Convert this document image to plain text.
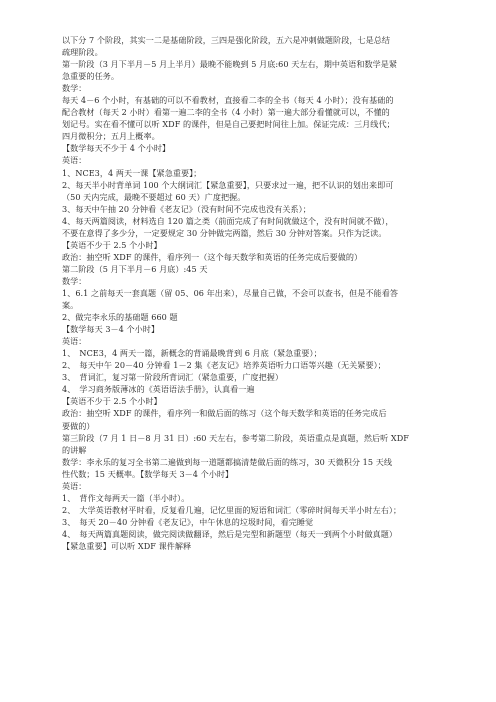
以下分 7 个阶段，其实一二是基础阶段，三四是强化阶段，五六是冲刺做题阶段，七是总结
疏理阶段。
第一阶段（3 月下半月－5 月上半月）最晚不能晚到 5 月底:60 天左右，期中英语和数学是紧
急重要的任务。
数学：
每天 4－6 个小时，有基础的可以不看教材，直接看二李的全书（每天 4 小时）；没有基础的
配合教材（每天 2 小时）看第一遍二李的全书（4 小时）第一遍大部分看懂就可以，不懂的
划记号。实在看不懂可以听 XDF 的课件，但是自己要把时间往上加。保证完成：三月线代；
四月微积分；五月上概率。
【数学每天不少于 4 个小时】
英语：
1、NCE3，4 两天一课【紧急重要】；
2、每天半小时背单词 100 个大纲词汇【紧急重要】，只要求过一遍，把不认识的划出来即可
（50 天内完成，最晚不要超过 60 天）广度把握。
3、每天中午抽 20 分钟看《老友记》（没有时间不完成也没有关系）；
4、每天两篇阅读，材料选自 120 篇之类（前面完成了有时间就做这个，没有时间就不做），
不要在意得了多少分，一定要规定 30 分钟做完两篇，然后 30 分钟对答案。只作为泛读。
【英语不少于 2.5 个小时】
政治：抽空听 XDF 的课件，看序列一（这个每天数学和英语的任务完成后要做的）
第二阶段（5 月下半月－6 月底）:45 天
数学：
1、6.1 之前每天一套真题（留 05、06 年出来），尽量自己做，不会可以查书，但是不能看答
案。
2、做完李永乐的基础题 660 题
【数学每天 3－4 个小时】
英语：
1、　NCE3，4 两天一篇，新概念的背诵最晚背到 6 月底（紧急重要）；
2、　每天中午 20－40 分钟看 1－2 集《老友记》培养英语听力口语等兴趣（无关紧要）；
3、　背词汇，复习第一阶段所背词汇（紧急重要，广度把握）
4、　学习商务版薄冰的《英语语法手册》，认真看一遍
【英语不少于 2.5 个小时】
政治：抽空听 XDF 的课件，看序列一和做后面的练习（这个每天数学和英语的任务完成后
要做的）
第三阶段（7 月 1 日－8 月 31 日）:60 天左右，参考第二阶段，英语重点是真题，然后听 XDF
的讲解
数学：李永乐的复习全书第二遍做到每一道题都搞清楚做后面的练习，30 天微积分 15 天线
性代数；15 天概率。【数学每天 3－4 个小时】
英语：
1、　背作文每两天一篇（半小时）。
2、　大学英语教材平时看，反复看几遍，记忆里面的短语和词汇（零碎时间每天半小时左右）；
3、　每天 20－40 分钟看《老友记》，中午休息的垃圾时间，看完睡觉
4、　每天两篇真题阅读，做完阅读做翻译，然后是完型和新题型（每天一到两个小时做真题）
【紧急重要】可以听 XDF 课件解释
